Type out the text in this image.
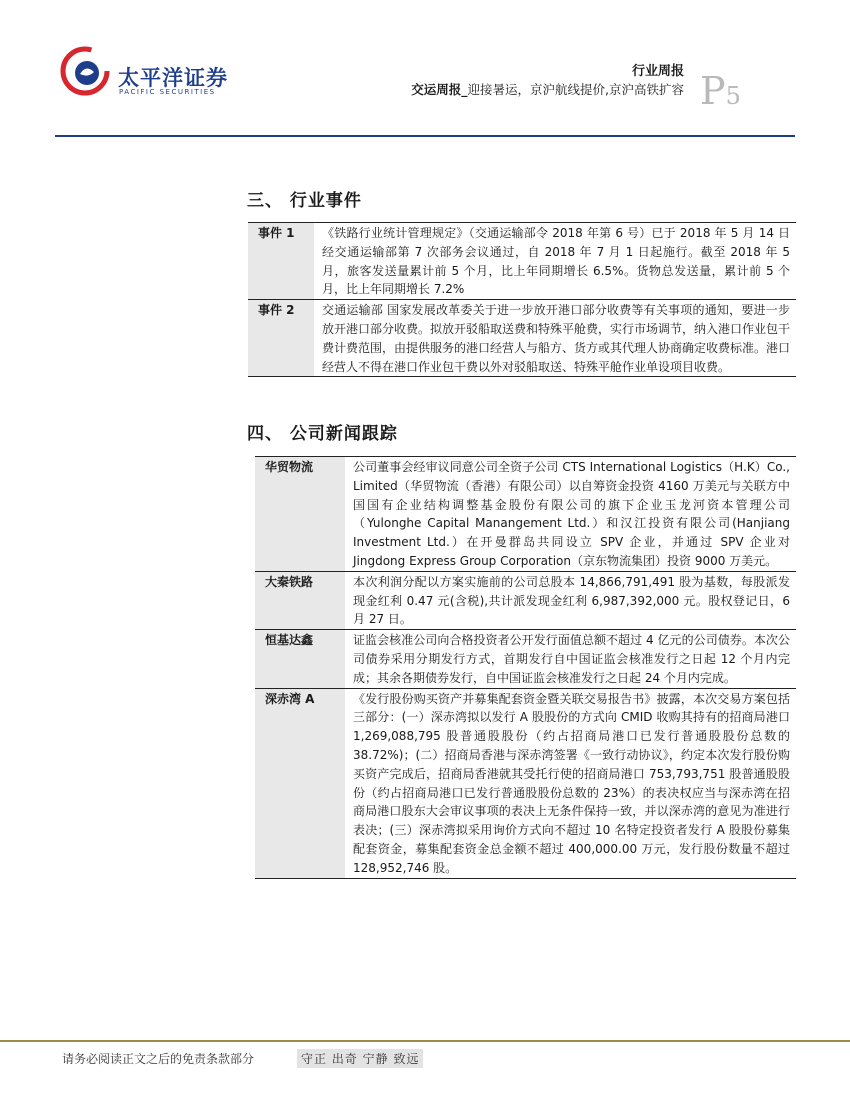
太平洋证券
PACIFIC SECURITIES
行业周报
交运周报_迎接暑运，京沪航线提价,京沪高铁扩容 P5
三、 行业事件
事件 1	《铁路行业统计管理规定》（交通运输部令 2018 年第 6 号）已于 2018 年 5 月 14 日经交通运输部第 7 次部务会议通过，自 2018 年 7 月 1 日起施行。截至 2018 年 5 月，旅客发送量累计前 5 个月，比上年同期增长 6.5%。货物总发送量，累计前 5 个月，比上年同期增长 7.2%
事件 2	交通运输部 国家发展改革委关于进一步放开港口部分收费等有关事项的通知，要进一步放开港口部分收费。拟放开驳船取送费和特殊平舱费，实行市场调节，纳入港口作业包干费计费范围，由提供服务的港口经营人与船方、货方或其代理人协商确定收费标准。港口经营人不得在港口作业包干费以外对驳船取送、特殊平舱作业单设项目收费。
四、 公司新闻跟踪
华贸物流	公司董事会经审议同意公司全资子公司 CTS International Logistics（H.K）Co., Limited（华贸物流（香港）有限公司）以自筹资金投资 4160 万美元与关联方中国国有企业结构调整基金股份有限公司的旗下企业玉龙河资本管理公司（Yulonghe Capital Manangement Ltd.）和汉江投资有限公司(Hanjiang Investment Ltd.）在开曼群岛共同设立 SPV 企业，并通过 SPV 企业对 Jingdong Express Group Corporation（京东物流集团）投资 9000 万美元。
大秦铁路	本次利润分配以方案实施前的公司总股本 14,866,791,491 股为基数，每股派发现金红利 0.47 元(含税),共计派发现金红利 6,987,392,000 元。股权登记日，6 月 27 日。
恒基达鑫	证监会核准公司向合格投资者公开发行面值总额不超过 4 亿元的公司债券。本次公司债券采用分期发行方式，首期发行自中国证监会核准发行之日起 12 个月内完成；其余各期债券发行，自中国证监会核准发行之日起 24 个月内完成。
深赤湾 A	《发行股份购买资产并募集配套资金暨关联交易报告书》披露，本次交易方案包括三部分：(一）深赤湾拟以发行 A 股股份的方式向 CMID 收购其持有的招商局港口 1,269,088,795 股普通股股份（约占招商局港口已发行普通股股份总数的 38.72%)；(二）招商局香港与深赤湾签署《一致行动协议》，约定本次发行股份购买资产完成后，招商局香港就其受托行使的招商局港口 753,793,751 股普通股股份（约占招商局港口已发行普通股股份总数的 23%）的表决权应当与深赤湾在招商局港口股东大会审议事项的表决上无条件保持一致，并以深赤湾的意见为准进行表决；(三）深赤湾拟采用询价方式向不超过 10 名特定投资者发行 A 股股份募集配套资金，募集配套资金总金额不超过 400,000.00 万元，发行股份数量不超过 128,952,746 股。
请务必阅读正文之后的免责条款部分	守正 出奇 宁静 致远
